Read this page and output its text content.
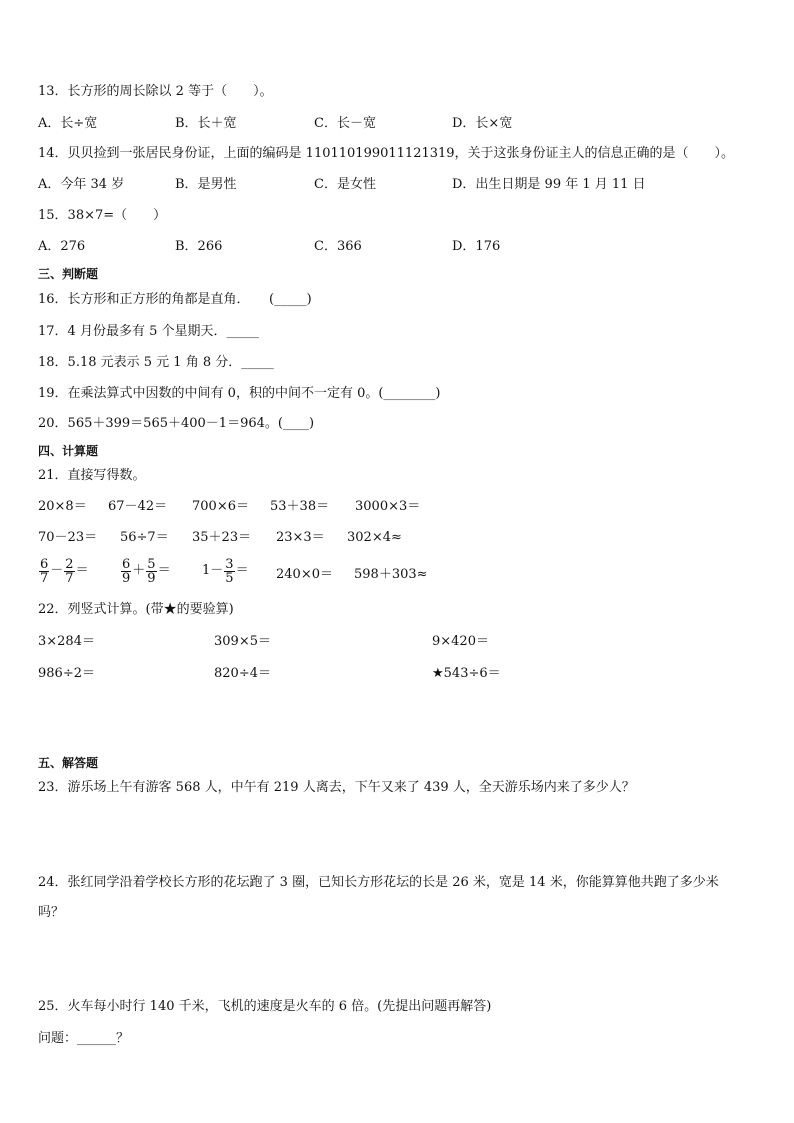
13．长方形的周长除以 2 等于（　　）。
A．长÷宽	B．长＋宽	C．长－宽	D．长×宽
14．贝贝捡到一张居民身份证，上面的编码是 110110199011121319，关于这张身份证主人的信息正确的是（　　）。
A．今年 34 岁	B．是男性	C．是女性	D．出生日期是 99 年 1 月 11 日
15．38×7=（　　）
A．276	B．266	C．366	D．176
三、判断题
16．长方形和正方形的角都是直角．　　(_____)
17．4 月份最多有 5 个星期天．_____
18．5.18 元表示 5 元 1 角 8 分．_____
19．在乘法算式中因数的中间有 0，积的中间不一定有 0。(________)
20．565＋399＝565＋400－1＝964。(____)
四、计算题
21．直接写得数。
20×8＝ 67－42＝ 700×6＝ 53＋38＝ 3000×3＝
70－23＝ 56÷7＝ 35＋23＝ 23×3＝ 302×4≈
$\frac{6}{7} - \frac{2}{7} = \frac{6}{9} + \frac{5}{9} = 1- \frac{3}{5} = 240\times 0= 598+303\approx$
22．列竖式计算。(带★的要验算)
3×284＝	309×5＝	9×420＝
986÷2＝	820÷4＝	★543÷6＝
五、解答题
23．游乐场上午有游客 568 人，中午有 219 人离去，下午又来了 439 人，全天游乐场内来了多少人？
24．张红同学沿着学校长方形的花坛跑了 3 圈，已知长方形花坛的长是 26 米，宽是 14 米，你能算算他共跑了多少米
吗？
25．火车每小时行 140 千米，飞机的速度是火车的 6 倍。(先提出问题再解答)
问题：______？
